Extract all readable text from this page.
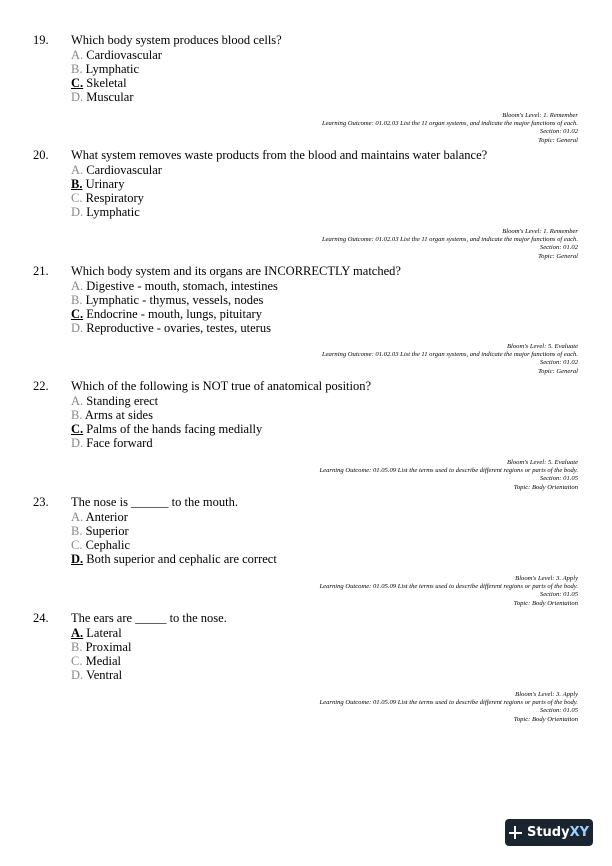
19. Which body system produces blood cells?
A. Cardiovascular
B. Lymphatic
C. Skeletal
D. Muscular
Bloom's Level: 1. Remember
Learning Outcome: 01.02.03 List the 11 organ systems, and indicate the major functions of each.
Section: 01.02
Topic: General
20. What system removes waste products from the blood and maintains water balance?
A. Cardiovascular
B. Urinary
C. Respiratory
D. Lymphatic
Bloom's Level: 1. Remember
Learning Outcome: 01.02.03 List the 11 organ systems, and indicate the major functions of each.
Section: 01.02
Topic: General
21. Which body system and its organs are INCORRECTLY matched?
A. Digestive - mouth, stomach, intestines
B. Lymphatic - thymus, vessels, nodes
C. Endocrine - mouth, lungs, pituitary
D. Reproductive - ovaries, testes, uterus
Bloom's Level: 5. Evaluate
Learning Outcome: 01.02.03 List the 11 organ systems, and indicate the major functions of each.
Section: 01.02
Topic: General
22. Which of the following is NOT true of anatomical position?
A. Standing erect
B. Arms at sides
C. Palms of the hands facing medially
D. Face forward
Bloom's Level: 5. Evaluate
Learning Outcome: 01.05.09 List the terms used to describe different regions or parts of the body.
Section: 01.05
Topic: Body Orientation
23. The nose is ______ to the mouth.
A. Anterior
B. Superior
C. Cephalic
D. Both superior and cephalic are correct
Bloom's Level: 3. Apply
Learning Outcome: 01.05.09 List the terms used to describe different regions or parts of the body.
Section: 01.05
Topic: Body Orientation
24. The ears are _____ to the nose.
A. Lateral
B. Proximal
C. Medial
D. Ventral
Bloom's Level: 3. Apply
Learning Outcome: 01.05.09 List the terms used to describe different regions or parts of the body.
Section: 01.05
Topic: Body Orientation
Study XY
